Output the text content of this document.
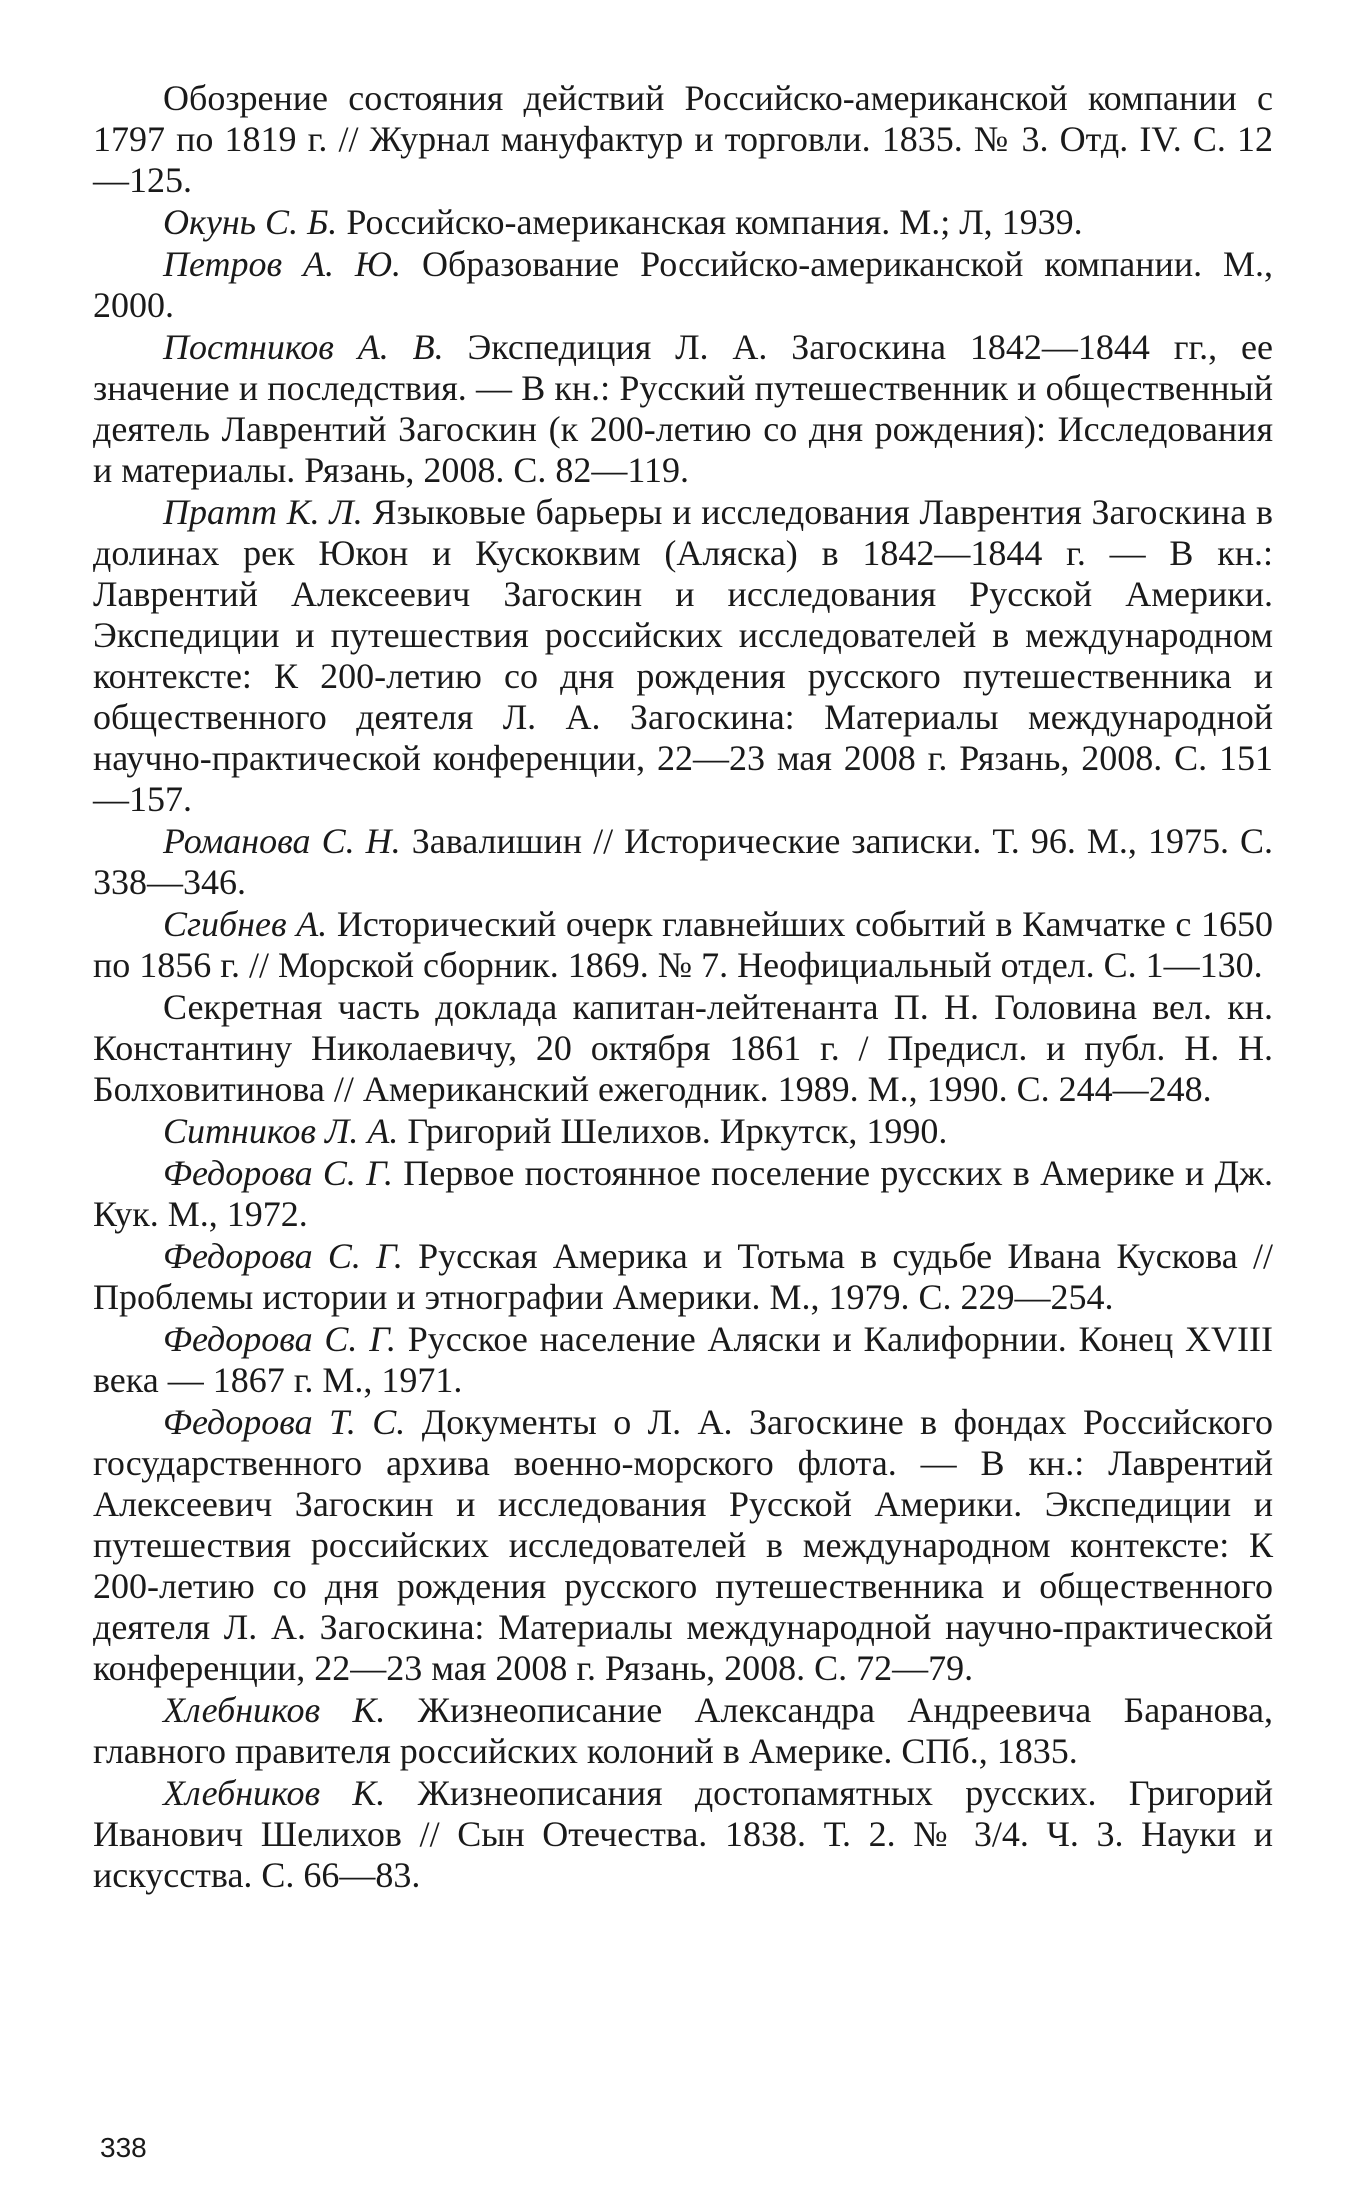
Обозрение состояния действий Российско-американской компании с 1797 по 1819 г. // Журнал мануфактур и торговли. 1835. № 3. Отд. IV. С. 12—125.

Окунь С. Б. Российско-американская компания. М.; Л, 1939.

Петров А. Ю. Образование Российско-американской компании. М., 2000.

Постников А. В. Экспедиция Л. А. Загоскина 1842—1844 гг., ее значение и последствия. — В кн.: Русский путешественник и общественный деятель Лаврентий Загоскин (к 200-летию со дня рождения): Исследования и материалы. Рязань, 2008. С. 82—119.

Пратт К. Л. Языковые барьеры и исследования Лаврентия Загоскина в долинах рек Юкон и Кускоквим (Аляска) в 1842—1844 г. — В кн.: Лаврентий Алексеевич Загоскин и исследования Русской Америки. Экспедиции и путешествия российских исследователей в международном контексте: К 200-летию со дня рождения русского путешественника и общественного деятеля Л. А. Загоскина: Материалы международной научно-практической конференции, 22—23 мая 2008 г. Рязань, 2008. С. 151—157.

Романова С. Н. Завалишин // Исторические записки. Т. 96. М., 1975. С. 338—346.

Сгибнев А. Исторический очерк главнейших событий в Камчатке с 1650 по 1856 г. // Морской сборник. 1869. № 7. Неофициальный отдел. С. 1—130.

Секретная часть доклада капитан-лейтенанта П. Н. Головина вел. кн. Константину Николаевичу, 20 октября 1861 г. / Предисл. и публ. Н. Н. Болховитинова // Американский ежегодник. 1989. М., 1990. С. 244—248.

Ситников Л. А. Григорий Шелихов. Иркутск, 1990.

Федорова С. Г. Первое постоянное поселение русских в Америке и Дж. Кук. М., 1972.

Федорова С. Г. Русская Америка и Тотьма в судьбе Ивана Кускова // Проблемы истории и этнографии Америки. М., 1979. С. 229—254.

Федорова С. Г. Русское население Аляски и Калифорнии. Конец XVIII века — 1867 г. М., 1971.

Федорова Т. С. Документы о Л. А. Загоскине в фондах Российского государственного архива военно-морского флота. — В кн.: Лаврентий Алексеевич Загоскин и исследования Русской Америки. Экспедиции и путешествия российских исследователей в международном контексте: К 200-летию со дня рождения русского путешественника и общественного деятеля Л. А. Загоскина: Материалы международной научно-практической конференции, 22—23 мая 2008 г. Рязань, 2008. С. 72—79.

Хлебников К. Жизнеописание Александра Андреевича Баранова, главного правителя российских колоний в Америке. СПб., 1835.

Хлебников К. Жизнеописания достопамятных русских. Григорий Иванович Шелихов // Сын Отечества. 1838. Т. 2. № 3/4. Ч. 3. Науки и искусства. С. 66—83.

338
